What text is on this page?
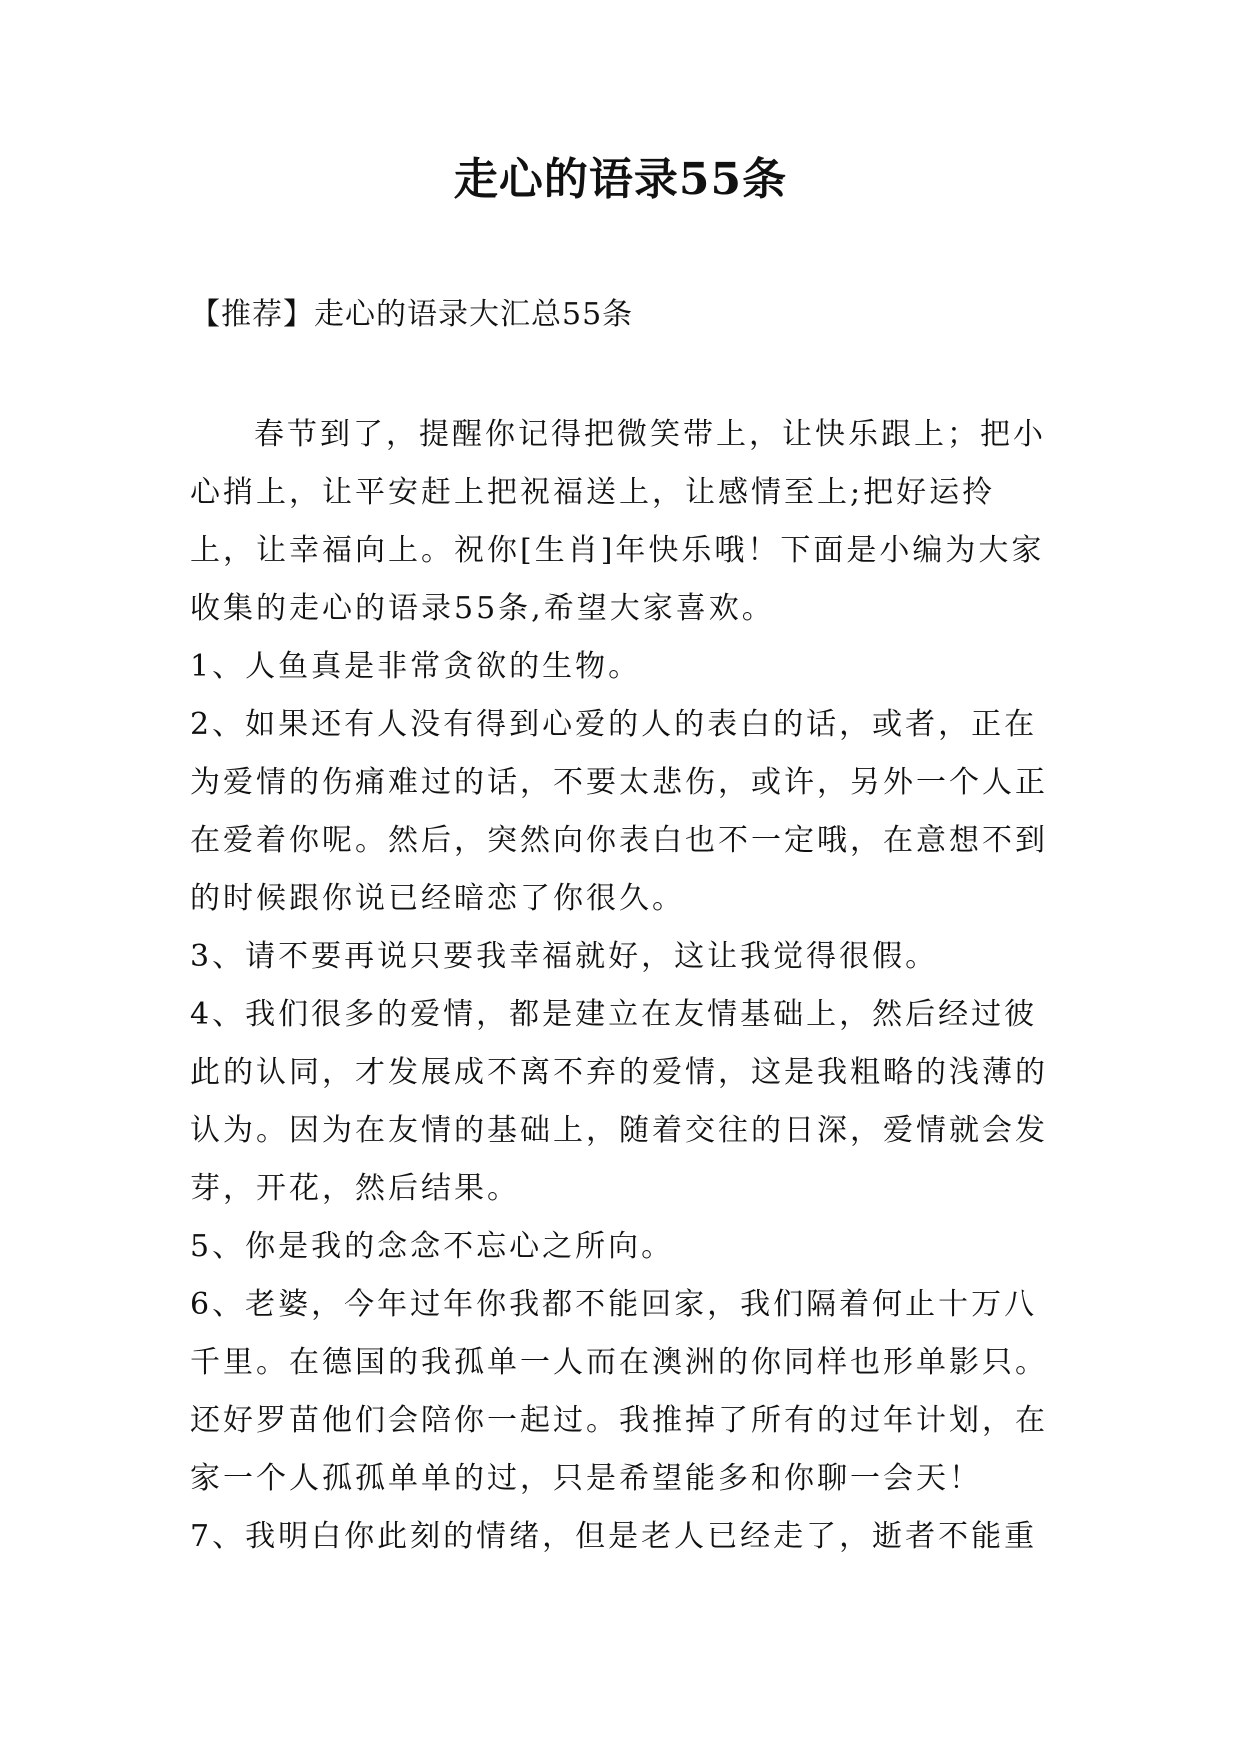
走心的语录55条
【推荐】走心的语录大汇总55条

春节到了，提醒你记得把微笑带上，让快乐跟上；把小心捎上，让平安赶上把祝福送上，让感情至上;把好运拎上，让幸福向上。祝你[生肖]年快乐哦！下面是小编为大家收集的走心的语录55条,希望大家喜欢。

1、人鱼真是非常贪欲的生物。

2、如果还有人没有得到心爱的人的表白的话，或者，正在为爱情的伤痛难过的话，不要太悲伤，或许，另外一个人正在爱着你呢。然后，突然向你表白也不一定哦，在意想不到的时候跟你说已经暗恋了你很久。

3、请不要再说只要我幸福就好，这让我觉得很假。

4、我们很多的爱情，都是建立在友情基础上，然后经过彼此的认同，才发展成不离不弃的爱情，这是我粗略的浅薄的认为。因为在友情的基础上，随着交往的日深，爱情就会发芽，开花，然后结果。

5、你是我的念念不忘心之所向。

6、老婆，今年过年你我都不能回家，我们隔着何止十万八千里。在德国的我孤单一人而在澳洲的你同样也形单影只。还好罗苗他们会陪你一起过。我推掉了所有的过年计划，在家一个人孤孤单单的过，只是希望能多和你聊一会天！

7、我明白你此刻的情绪，但是老人已经走了，逝者不能重
